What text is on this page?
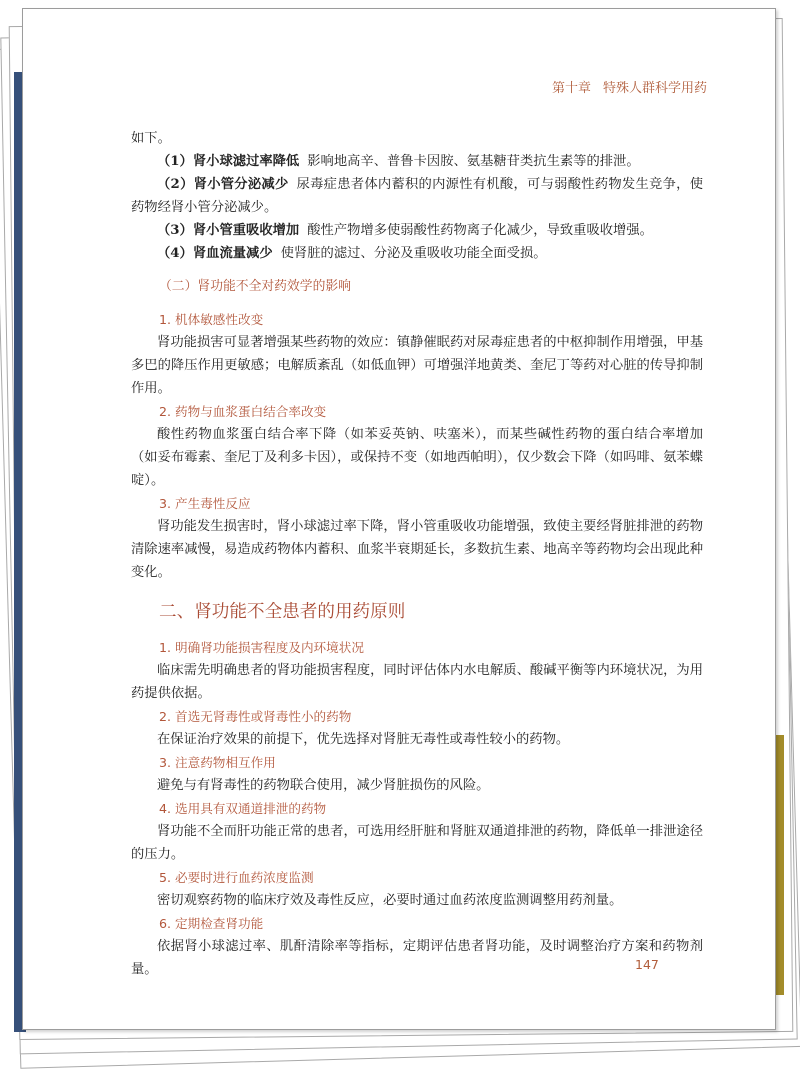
第十章 特殊人群科学用药

如下。

（1）肾小球滤过率降低 影响地高辛、普鲁卡因胺、氨基糖苷类抗生素等的排泄。

（2）肾小管分泌减少 尿毒症患者体内蓄积的内源性有机酸，可与弱酸性药物发生竞争，使药物经肾小管分泌减少。

（3）肾小管重吸收增加 酸性产物增多使弱酸性药物离子化减少，导致重吸收增强。

（4）肾血流量减少 使肾脏的滤过、分泌及重吸收功能全面受损。

（二）肾功能不全对药效学的影响
1. 机体敏感性改变

肾功能损害可显著增强某些药物的效应：镇静催眠药对尿毒症患者的中枢抑制作用增强，甲基多巴的降压作用更敏感；电解质紊乱（如低血钾）可增强洋地黄类、奎尼丁等药对心脏的传导抑制作用。

2. 药物与血浆蛋白结合率改变

酸性药物血浆蛋白结合率下降（如苯妥英钠、呋塞米），而某些碱性药物的蛋白结合率增加（如妥布霉素、奎尼丁及利多卡因），或保持不变（如地西帕明），仅少数会下降（如吗啡、氨苯蝶啶）。

3. 产生毒性反应

肾功能发生损害时，肾小球滤过率下降，肾小管重吸收功能增强，致使主要经肾脏排泄的药物清除速率减慢，易造成药物体内蓄积、血浆半衰期延长，多数抗生素、地高辛等药物均会出现此种变化。

二、肾功能不全患者的用药原则
1. 明确肾功能损害程度及内环境状况

临床需先明确患者的肾功能损害程度，同时评估体内水电解质、酸碱平衡等内环境状况，为用药提供依据。

2. 首选无肾毒性或肾毒性小的药物

在保证治疗效果的前提下，优先选择对肾脏无毒性或毒性较小的药物。

3. 注意药物相互作用

避免与有肾毒性的药物联合使用，减少肾脏损伤的风险。

4. 选用具有双通道排泄的药物

肾功能不全而肝功能正常的患者，可选用经肝脏和肾脏双通道排泄的药物，降低单一排泄途径的压力。

5. 必要时进行血药浓度监测

密切观察药物的临床疗效及毒性反应，必要时通过血药浓度监测调整用药剂量。

6. 定期检查肾功能

依据肾小球滤过率、肌酐清除率等指标，定期评估患者肾功能，及时调整治疗方案和药物剂量。	147
